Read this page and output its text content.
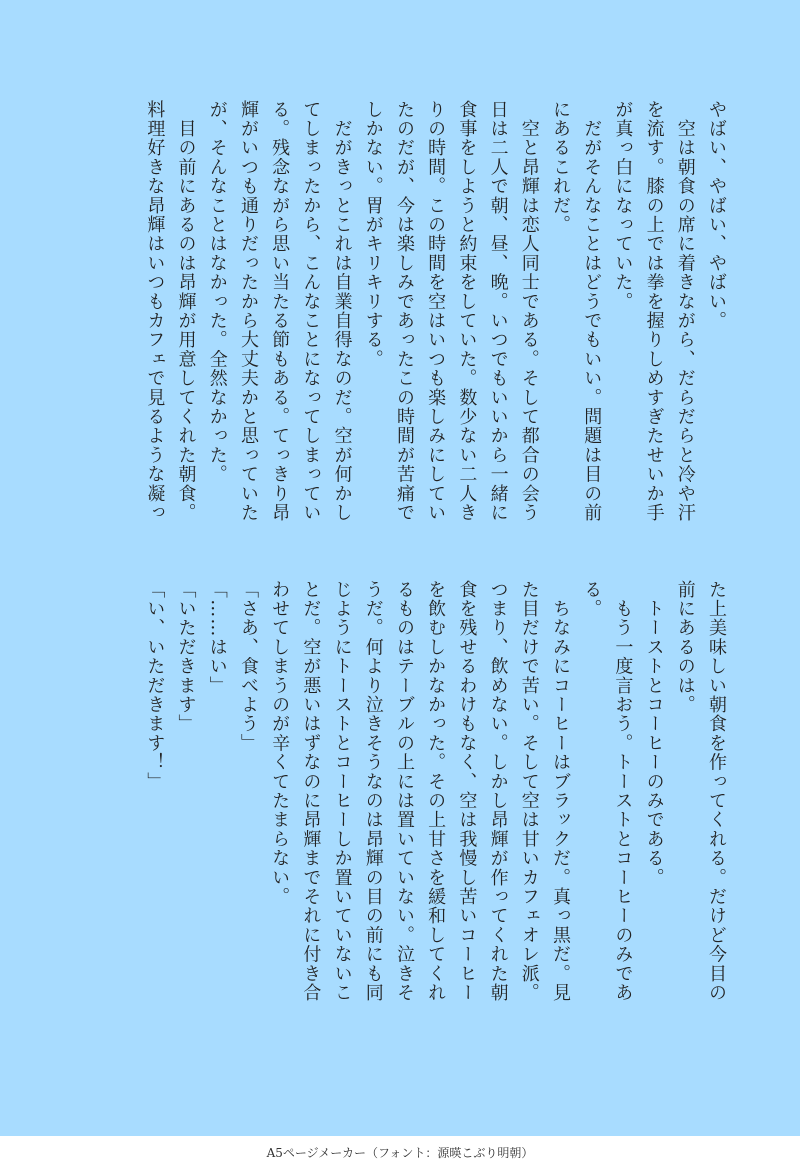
やばい、やばい、やばい。

　空は朝食の席に着きながら、だらだらと冷や汗

を流す。膝の上では拳を握りしめすぎたせいか手

が真っ白になっていた。

　だがそんなことはどうでもいい。問題は目の前

にあるこれだ。

　空と昂輝は恋人同士である。そして都合の会う

日は二人で朝、昼、晩。いつでもいいから一緒に

食事をしようと約束をしていた。数少ない二人き

りの時間。この時間を空はいつも楽しみにしてい

たのだが、今は楽しみであったこの時間が苦痛で

しかない。胃がキリキリする。

　だがきっとこれは自業自得なのだ。空が何かし

てしまったから、こんなことになってしまってい

る。残念ながら思い当たる節もある。てっきり昂

輝がいつも通りだったから大丈夫かと思っていた

が、そんなことはなかった。全然なかった。

　目の前にあるのは昂輝が用意してくれた朝食。

料理好きな昂輝はいつもカフェで見るような凝っ

た上美味しい朝食を作ってくれる。だけど今目の

前にあるのは。

　トーストとコーヒーのみである。

　もう一度言おう。トーストとコーヒーのみであ

る。

　ちなみにコーヒーはブラックだ。真っ黒だ。見

た目だけで苦い。そして空は甘いカフェオレ派。

つまり、飲めない。しかし昂輝が作ってくれた朝

食を残せるわけもなく、空は我慢し苦いコーヒー

を飲むしかなかった。その上甘さを緩和してくれ

るものはテーブルの上には置いていない。泣きそ

うだ。何より泣きそうなのは昂輝の目の前にも同

じようにトーストとコーヒーしか置いていないこ

とだ。空が悪いはずなのに昂輝までそれに付き合

わせてしまうのが辛くてたまらない。

「さあ、食べよう」

「……はい」

「いただきます」

「い、いただきます！」

A5ページメーカー（フォント：源暎こぶり明朝）
